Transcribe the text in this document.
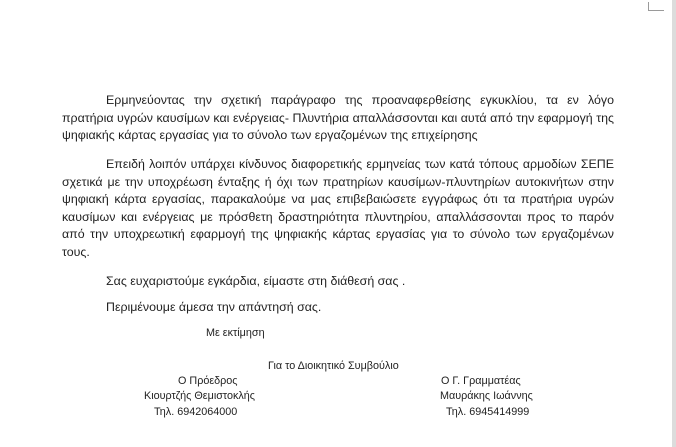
Ερμηνεύοντας την σχετική παράγραφο της προαναφερθείσης εγκυκλίου, τα εν λόγο πρατήρια υγρών καυσίμων και ενέργειας- Πλυντήρια απαλλάσσονται και αυτά από την εφαρμογή της ψηφιακής κάρτας εργασίας για το σύνολο των εργαζομένων της επιχείρησης

Επειδή λοιπόν υπάρχει κίνδυνος διαφορετικής ερμηνείας των κατά τόπους αρμοδίων ΣΕΠΕ σχετικά με την υποχρέωση ένταξης ή όχι των πρατηρίων καυσίμων-πλυντηρίων αυτοκινήτων στην ψηφιακή κάρτα εργασίας, παρακαλούμε να μας επιβεβαιώσετε εγγράφως ότι τα πρατήρια υγρών καυσίμων και ενέργειας με πρόσθετη δραστηριότητα πλυντηρίου, απαλλάσσονται προς το παρόν από την υποχρεωτική εφαρμογή της ψηφιακής κάρτας εργασίας για το σύνολο των εργαζομένων τους.

Σας ευχαριστούμε εγκάρδια, είμαστε στη διάθεσή σας .
Περιμένουμε άμεσα την απάντησή σας.
Με εκτίμηση
Για το Διοικητικό Συμβούλιο
Ο Πρόεδρος
Κιουρτζής Θεμιστοκλής
Τηλ. 6942064000
Ο Γ. Γραμματέας
Μαυράκης Ιωάννης
Τηλ. 6945414999
